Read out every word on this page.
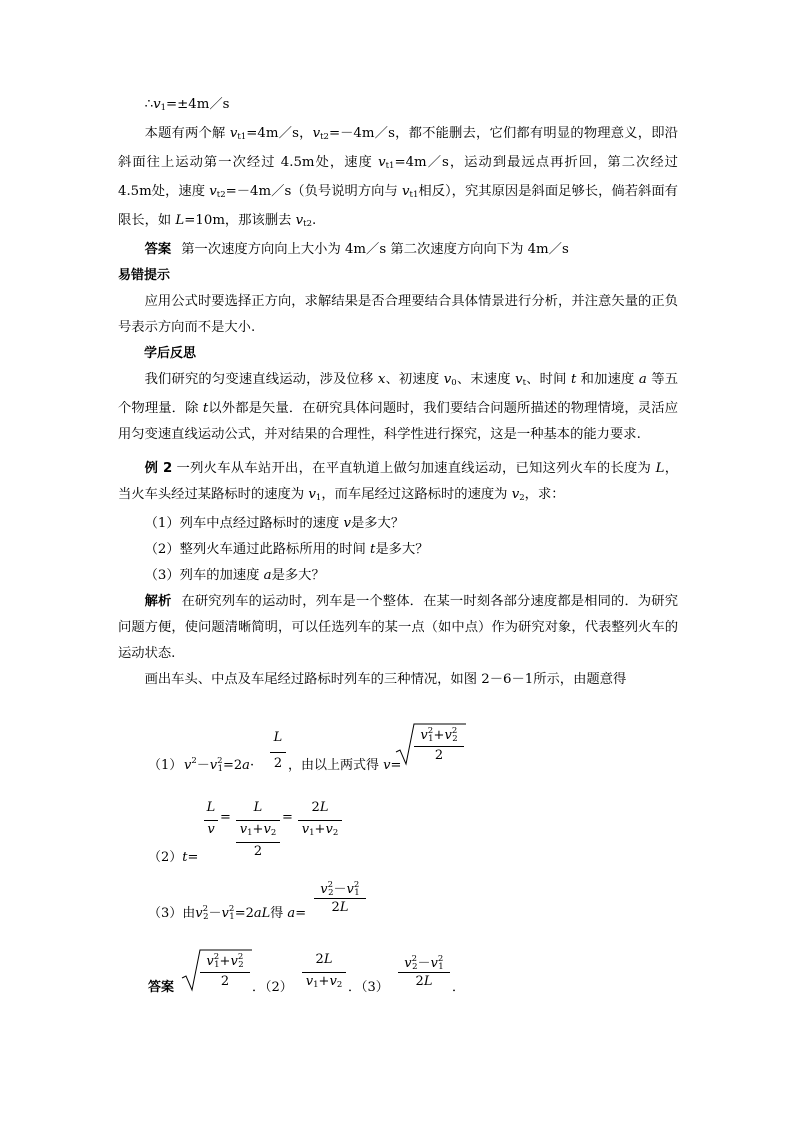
$\therefore v_1=\pm 4m/s$

本题有两个解 $v_{t1}=4m/s$，$v_{t2}=-4m/s$，都不能删去，它们都有明显的物理意义，即沿斜面往上运动第一次经过 4.5m处，速度 $v_{t1}=4m/s$，运动到最远点再折回，第二次经过 4.5m处，速度 $v_{t2}=-4m/s$（负号说明方向与 $v_{t1}$相反），究其原因是斜面足够长，倘若斜面有限长，如 L=10m，那该删去 $v_{t2}$.

答案 第一次速度方向向上大小为 4m／s 第二次速度方向向下为 4m／s

易错提示

应用公式时要选择正方向，求解结果是否合理要结合具体情景进行分析，并注意矢量的正负号表示方向而不是大小.

学后反思

我们研究的匀变速直线运动，涉及位移 x、初速度 $v_0$、末速度 $v_t$、时间 t 和加速度 a 等五个物理量．除 t以外都是矢量．在研究具体问题时，我们要结合问题所描述的物理情境，灵活应用匀变速直线运动公式，并对结果的合理性，科学性进行探究，这是一种基本的能力要求.

例 2 一列火车从车站开出，在平直轨道上做匀加速直线运动，已知这列火车的长度为 L，当火车头经过某路标时的速度为 $v_1$，而车尾经过这路标时的速度为 $v_2$，求：

（1）列车中点经过路标时的速度 v是多大？

（2）整列火车通过此路标所用的时间 t是多大？

（3）列车的加速度 a是多大？

解析 在研究列车的运动时，列车是一个整体．在某一时刻各部分速度都是相同的．为研究问题方便，使问题清晰简明，可以任选列车的某一点（如中点）作为研究对象，代表整列火车的运动状态.

画出车头、中点及车尾经过路标时列车的三种情况，如图 2－6－1所示，由题意得

（1） $v^2-v^2_1=2a\cdot$
L
2 ，由以上两式得 v=
$v^2_1+v^2_2$
2
L
v
=
L
$v_1+v_2$
2
=
2L
$v_1+v_2$
（2）t=
（3）由$v^2_2-v^2_1=2aL$得 a=
$v^2_2-v^2_1$
2L
答案
$v^2_1+v^2_2$
2	．（2）
2L
$v_1+v_2$ ．（3）
$v^2_2-v^2_1$
2L	．
